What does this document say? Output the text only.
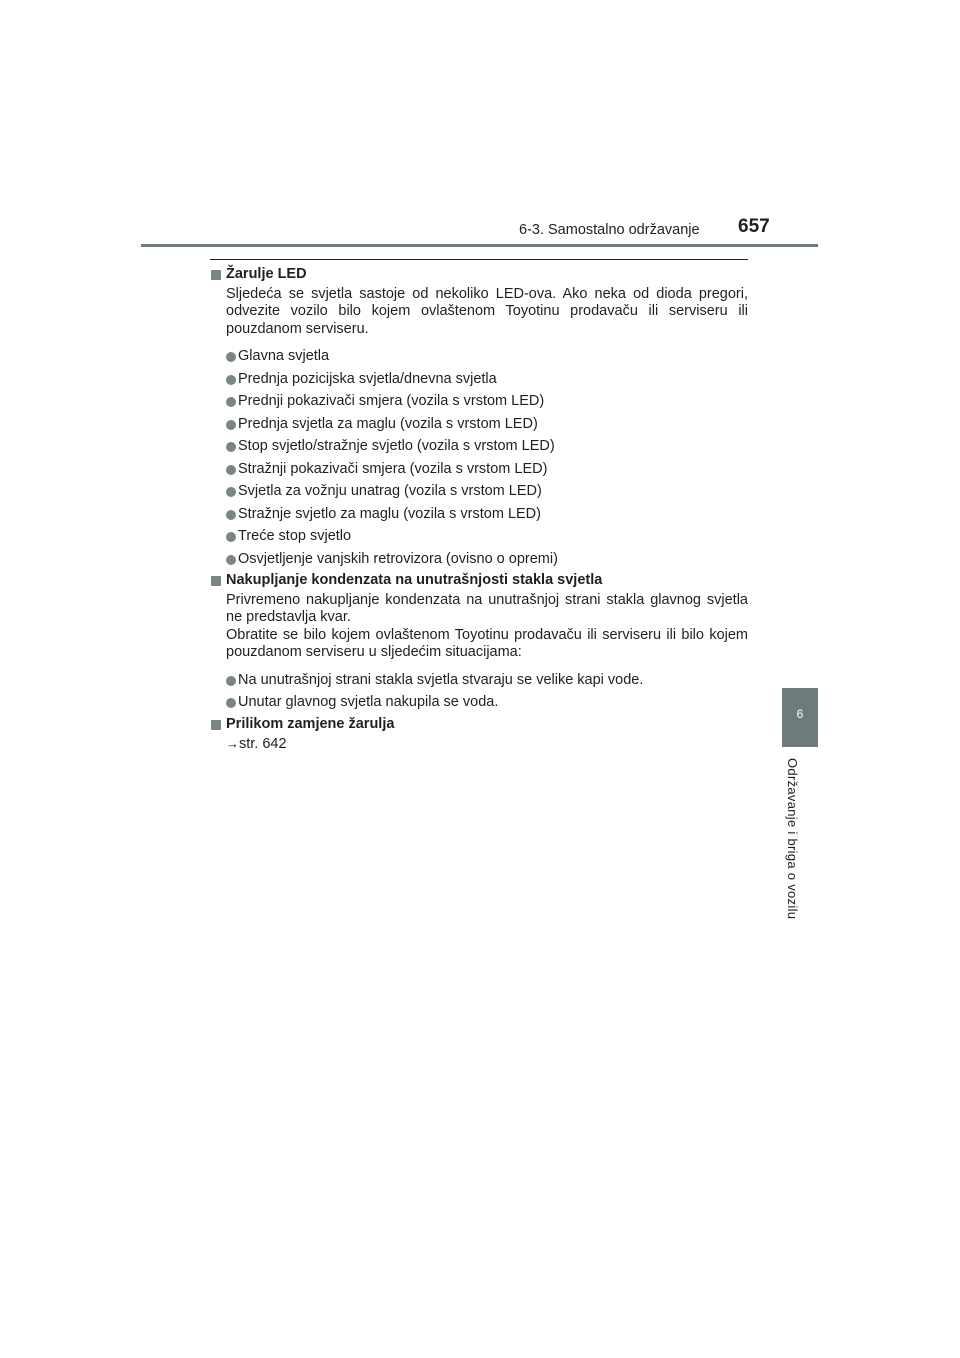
6-3. Samostalno održavanje 657
6
Održavanje i briga o vozilu
Žarulje LED
Sljedeća se svjetla sastoje od nekoliko LED-ova. Ako neka od dioda pregori, odvezite vozilo bilo kojem ovlaštenom Toyotinu prodavaču ili serviseru ili pouzdanom serviseru.
Glavna svjetla
Prednja pozicijska svjetla/dnevna svjetla
Prednji pokazivači smjera (vozila s vrstom LED)
Prednja svjetla za maglu (vozila s vrstom LED)
Stop svjetlo/stražnje svjetlo (vozila s vrstom LED)
Stražnji pokazivači smjera (vozila s vrstom LED)
Svjetla za vožnju unatrag (vozila s vrstom LED)
Stražnje svjetlo za maglu (vozila s vrstom LED)
Treće stop svjetlo
Osvjetljenje vanjskih retrovizora (ovisno o opremi)
Nakupljanje kondenzata na unutrašnjosti stakla svjetla
Privremeno nakupljanje kondenzata na unutrašnjoj strani stakla glavnog svjetla ne predstavlja kvar.
Obratite se bilo kojem ovlaštenom Toyotinu prodavaču ili serviseru ili bilo kojem pouzdanom serviseru u sljedećim situacijama:
Na unutrašnjoj strani stakla svjetla stvaraju se velike kapi vode.
Unutar glavnog svjetla nakupila se voda.
Prilikom zamjene žarulja
→str. 642
